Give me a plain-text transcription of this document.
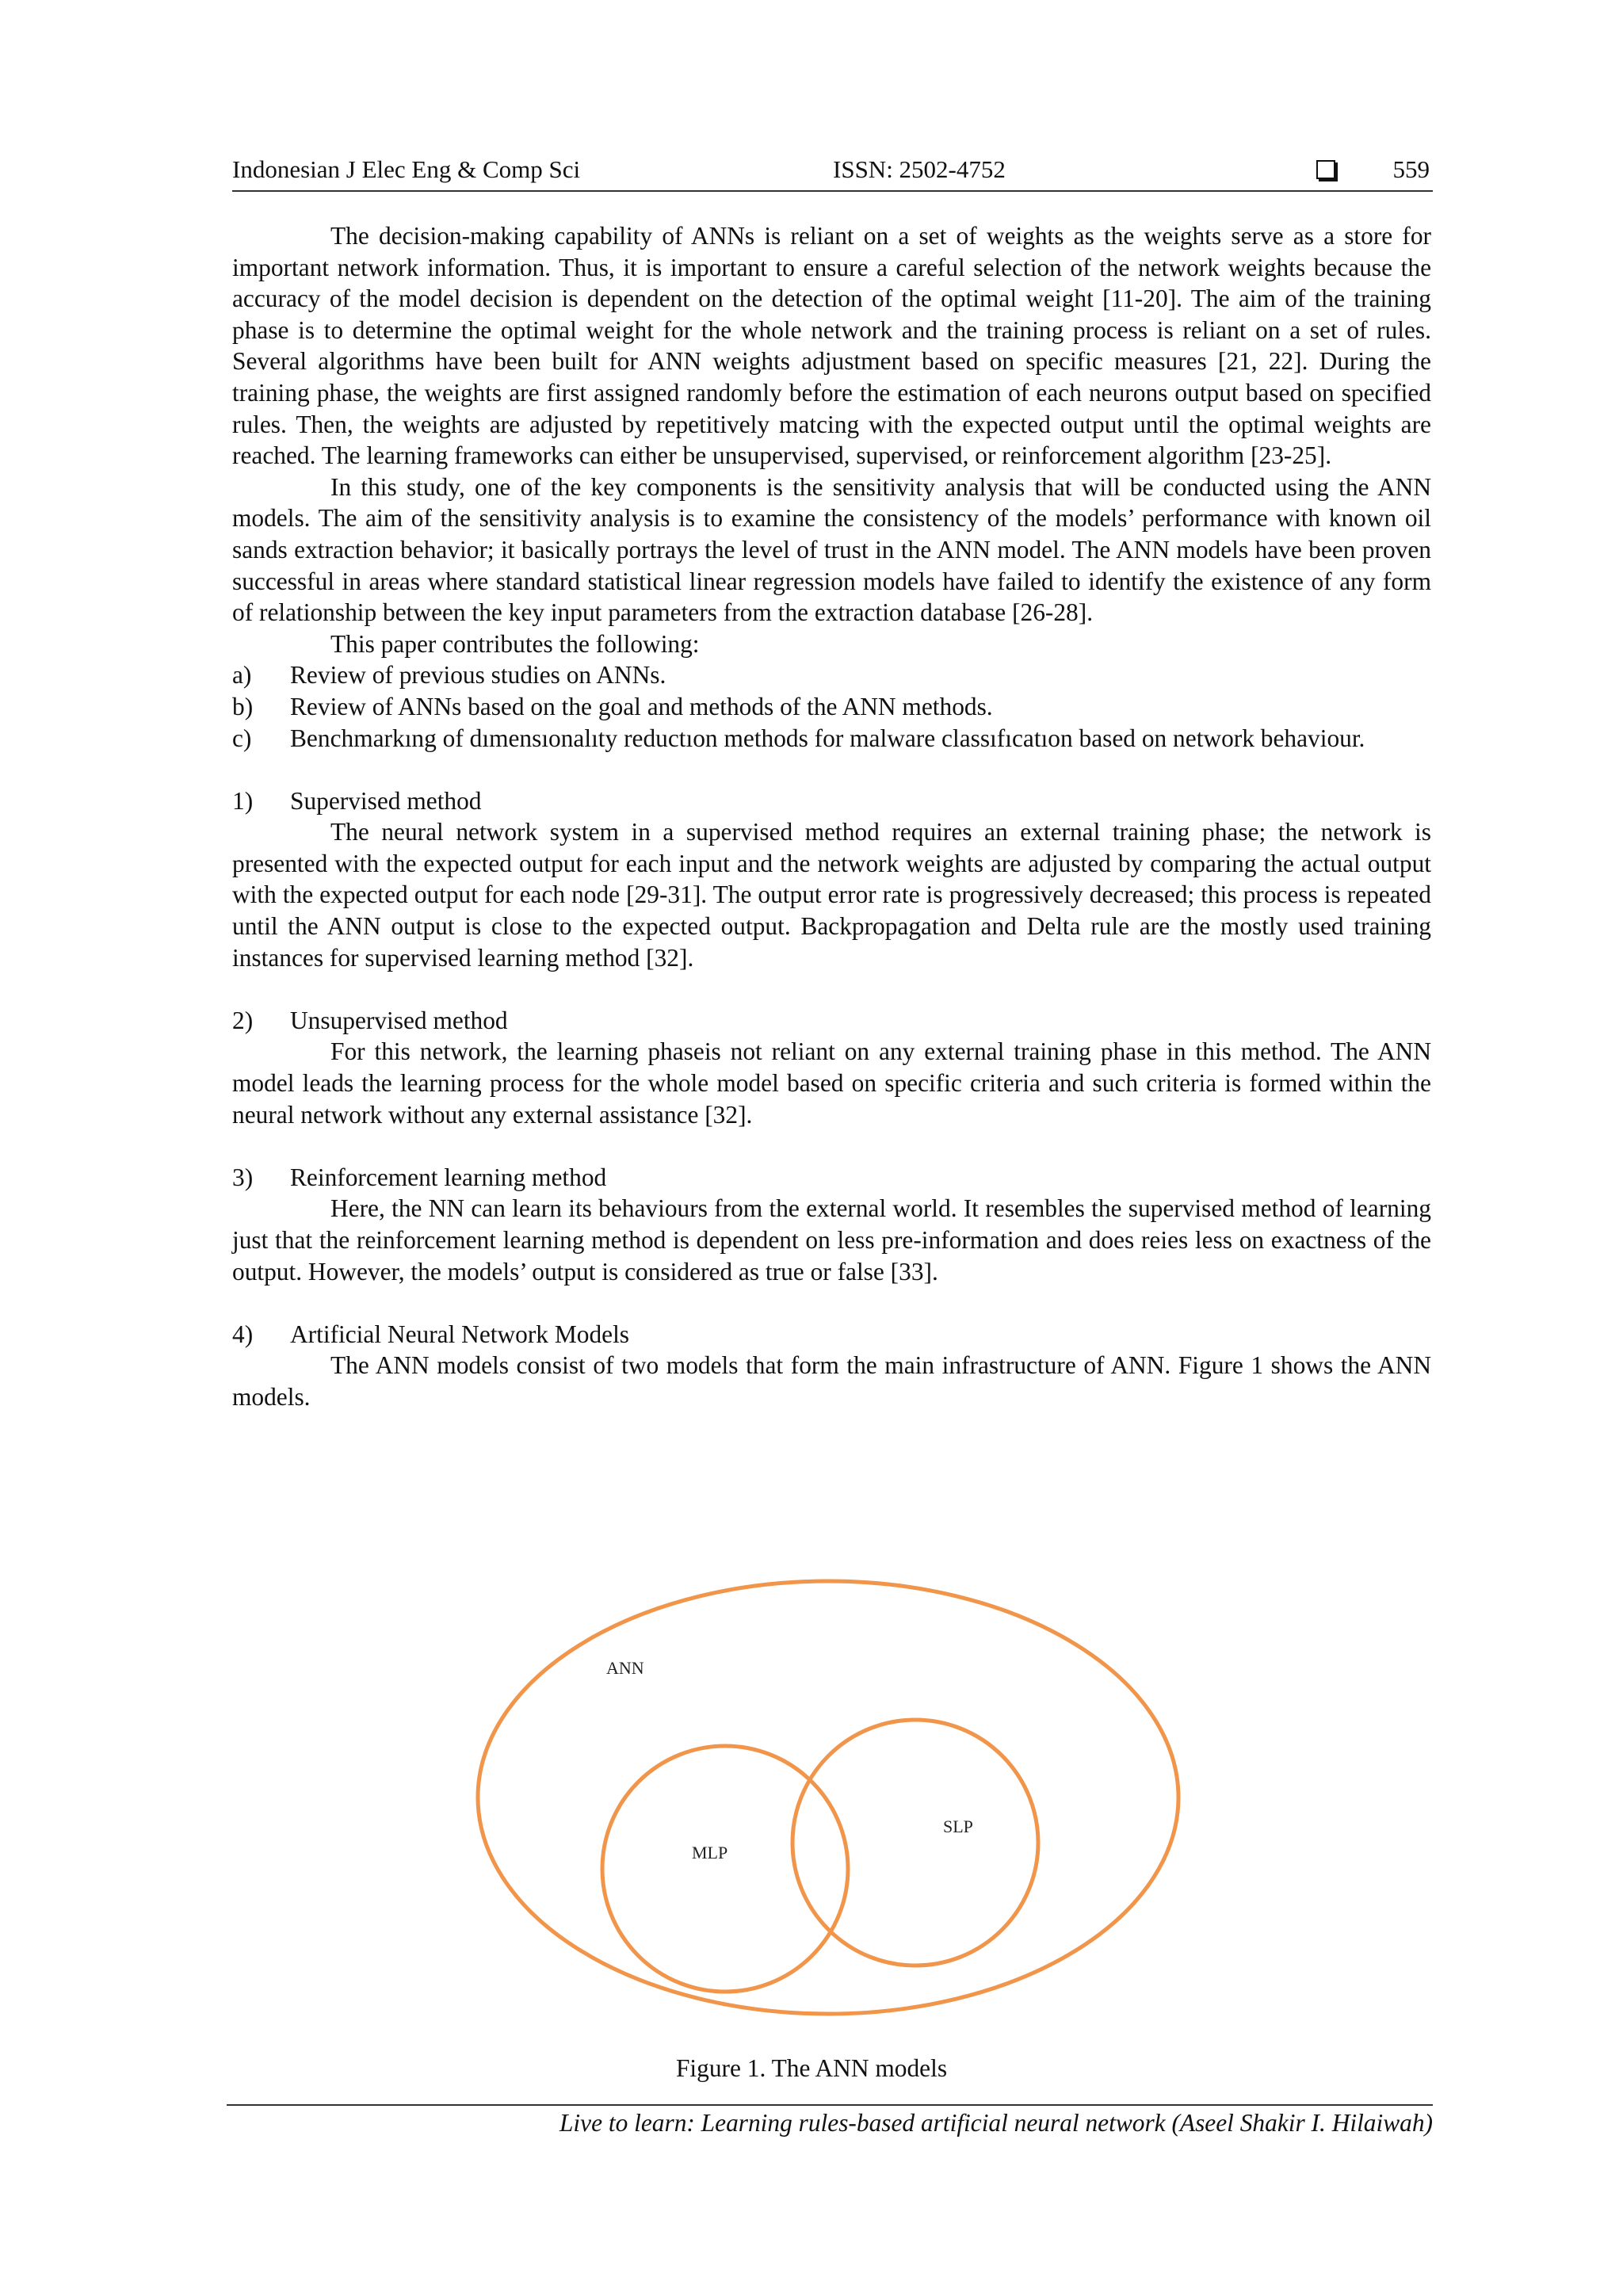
Indonesian J Elec Eng & Comp Sci	ISSN: 2502-4752	559

The decision-making capability of ANNs is reliant on a set of weights as the weights serve as a store for important network information. Thus, it is important to ensure a careful selection of the network weights because the accuracy of the model decision is dependent on the detection of the optimal weight [11-20]. The aim of the training phase is to determine the optimal weight for the whole network and the training process is reliant on a set of rules. Several algorithms have been built for ANN weights adjustment based on specific measures [21, 22]. During the training phase, the weights are first assigned randomly before the estimation of each neurons output based on specified rules. Then, the weights are adjusted by repetitively matcing with the expected output until the optimal weights are reached. The learning frameworks can either be unsupervised, supervised, or reinforcement algorithm [23-25].

In this study, one of the key components is the sensitivity analysis that will be conducted using the ANN models. The aim of the sensitivity analysis is to examine the consistency of the models’ performance with known oil sands extraction behavior; it basically portrays the level of trust in the ANN model. The ANN models have been proven successful in areas where standard statistical linear regression models have failed to identify the existence of any form of relationship between the key input parameters from the extraction database [26-28].

This paper contributes the following:

a) Review of previous studies on ANNs.
b) Review of ANNs based on the goal and methods of the ANN methods.
c) Benchmarkıng of dımensıonalıty reductıon methods for malware classıfıcatıon based on network behaviour.
1) Supervised method

The neural network system in a supervised method requires an external training phase; the network is presented with the expected output for each input and the network weights are adjusted by comparing the actual output with the expected output for each node [29-31]. The output error rate is progressively decreased; this process is repeated until the ANN output is close to the expected output. Backpropagation and Delta rule are the mostly used training instances for supervised learning method [32].

2) Unsupervised method

For this network, the learning phaseis not reliant on any external training phase in this method. The ANN model leads the learning process for the whole model based on specific criteria and such criteria is formed within the neural network without any external assistance [32].

3) Reinforcement learning method

Here, the NN can learn its behaviours from the external world. It resembles the supervised method of learning just that the reinforcement learning method is dependent on less pre-information and does reies less on exactness of the output. However, the models’ output is considered as true or false [33].

4) Artificial Neural Network Models

The ANN models consist of two models that form the main infrastructure of ANN. Figure 1 shows the ANN models.

ANN
MLP
SLP
Figure 1. The ANN models
Live to learn: Learning rules-based artificial neural network (Aseel Shakir I. Hilaiwah)
